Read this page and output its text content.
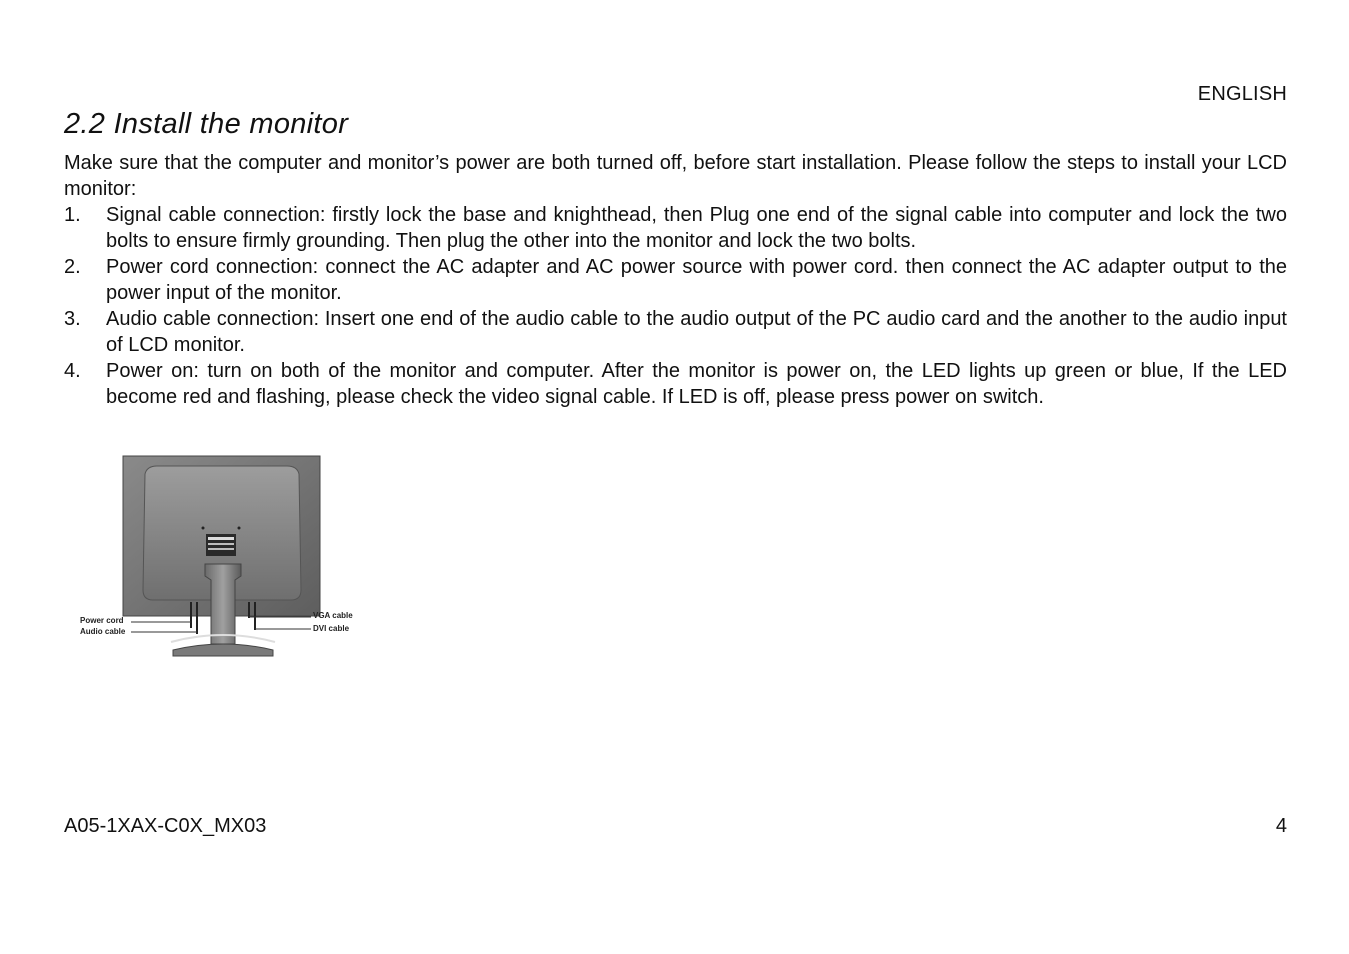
ENGLISH
2.2 Install the monitor

Make sure that the computer and monitor’s power are both turned off, before start installation. Please follow the steps to install your LCD monitor:

1. Signal cable connection: firstly lock the base and knighthead, then Plug one end of the signal cable into computer and lock the two bolts to ensure firmly grounding. Then plug the other into the monitor and lock the two bolts.
2. Power cord connection: connect the AC adapter and AC power source with power cord. then connect the AC adapter output to the power input of the monitor.
3. Audio cable connection: Insert one end of the audio cable to the audio output of the PC audio card and the another to the audio input of LCD monitor.
4. Power on: turn on both of the monitor and computer. After the monitor is power on, the LED lights up green or blue, If the LED become red and flashing, please check the video signal cable. If LED is off, please press power on switch.
Power cord
Audio cable
VGA cable
DVI cable
A05-1XAX-C0X_MX03	4
